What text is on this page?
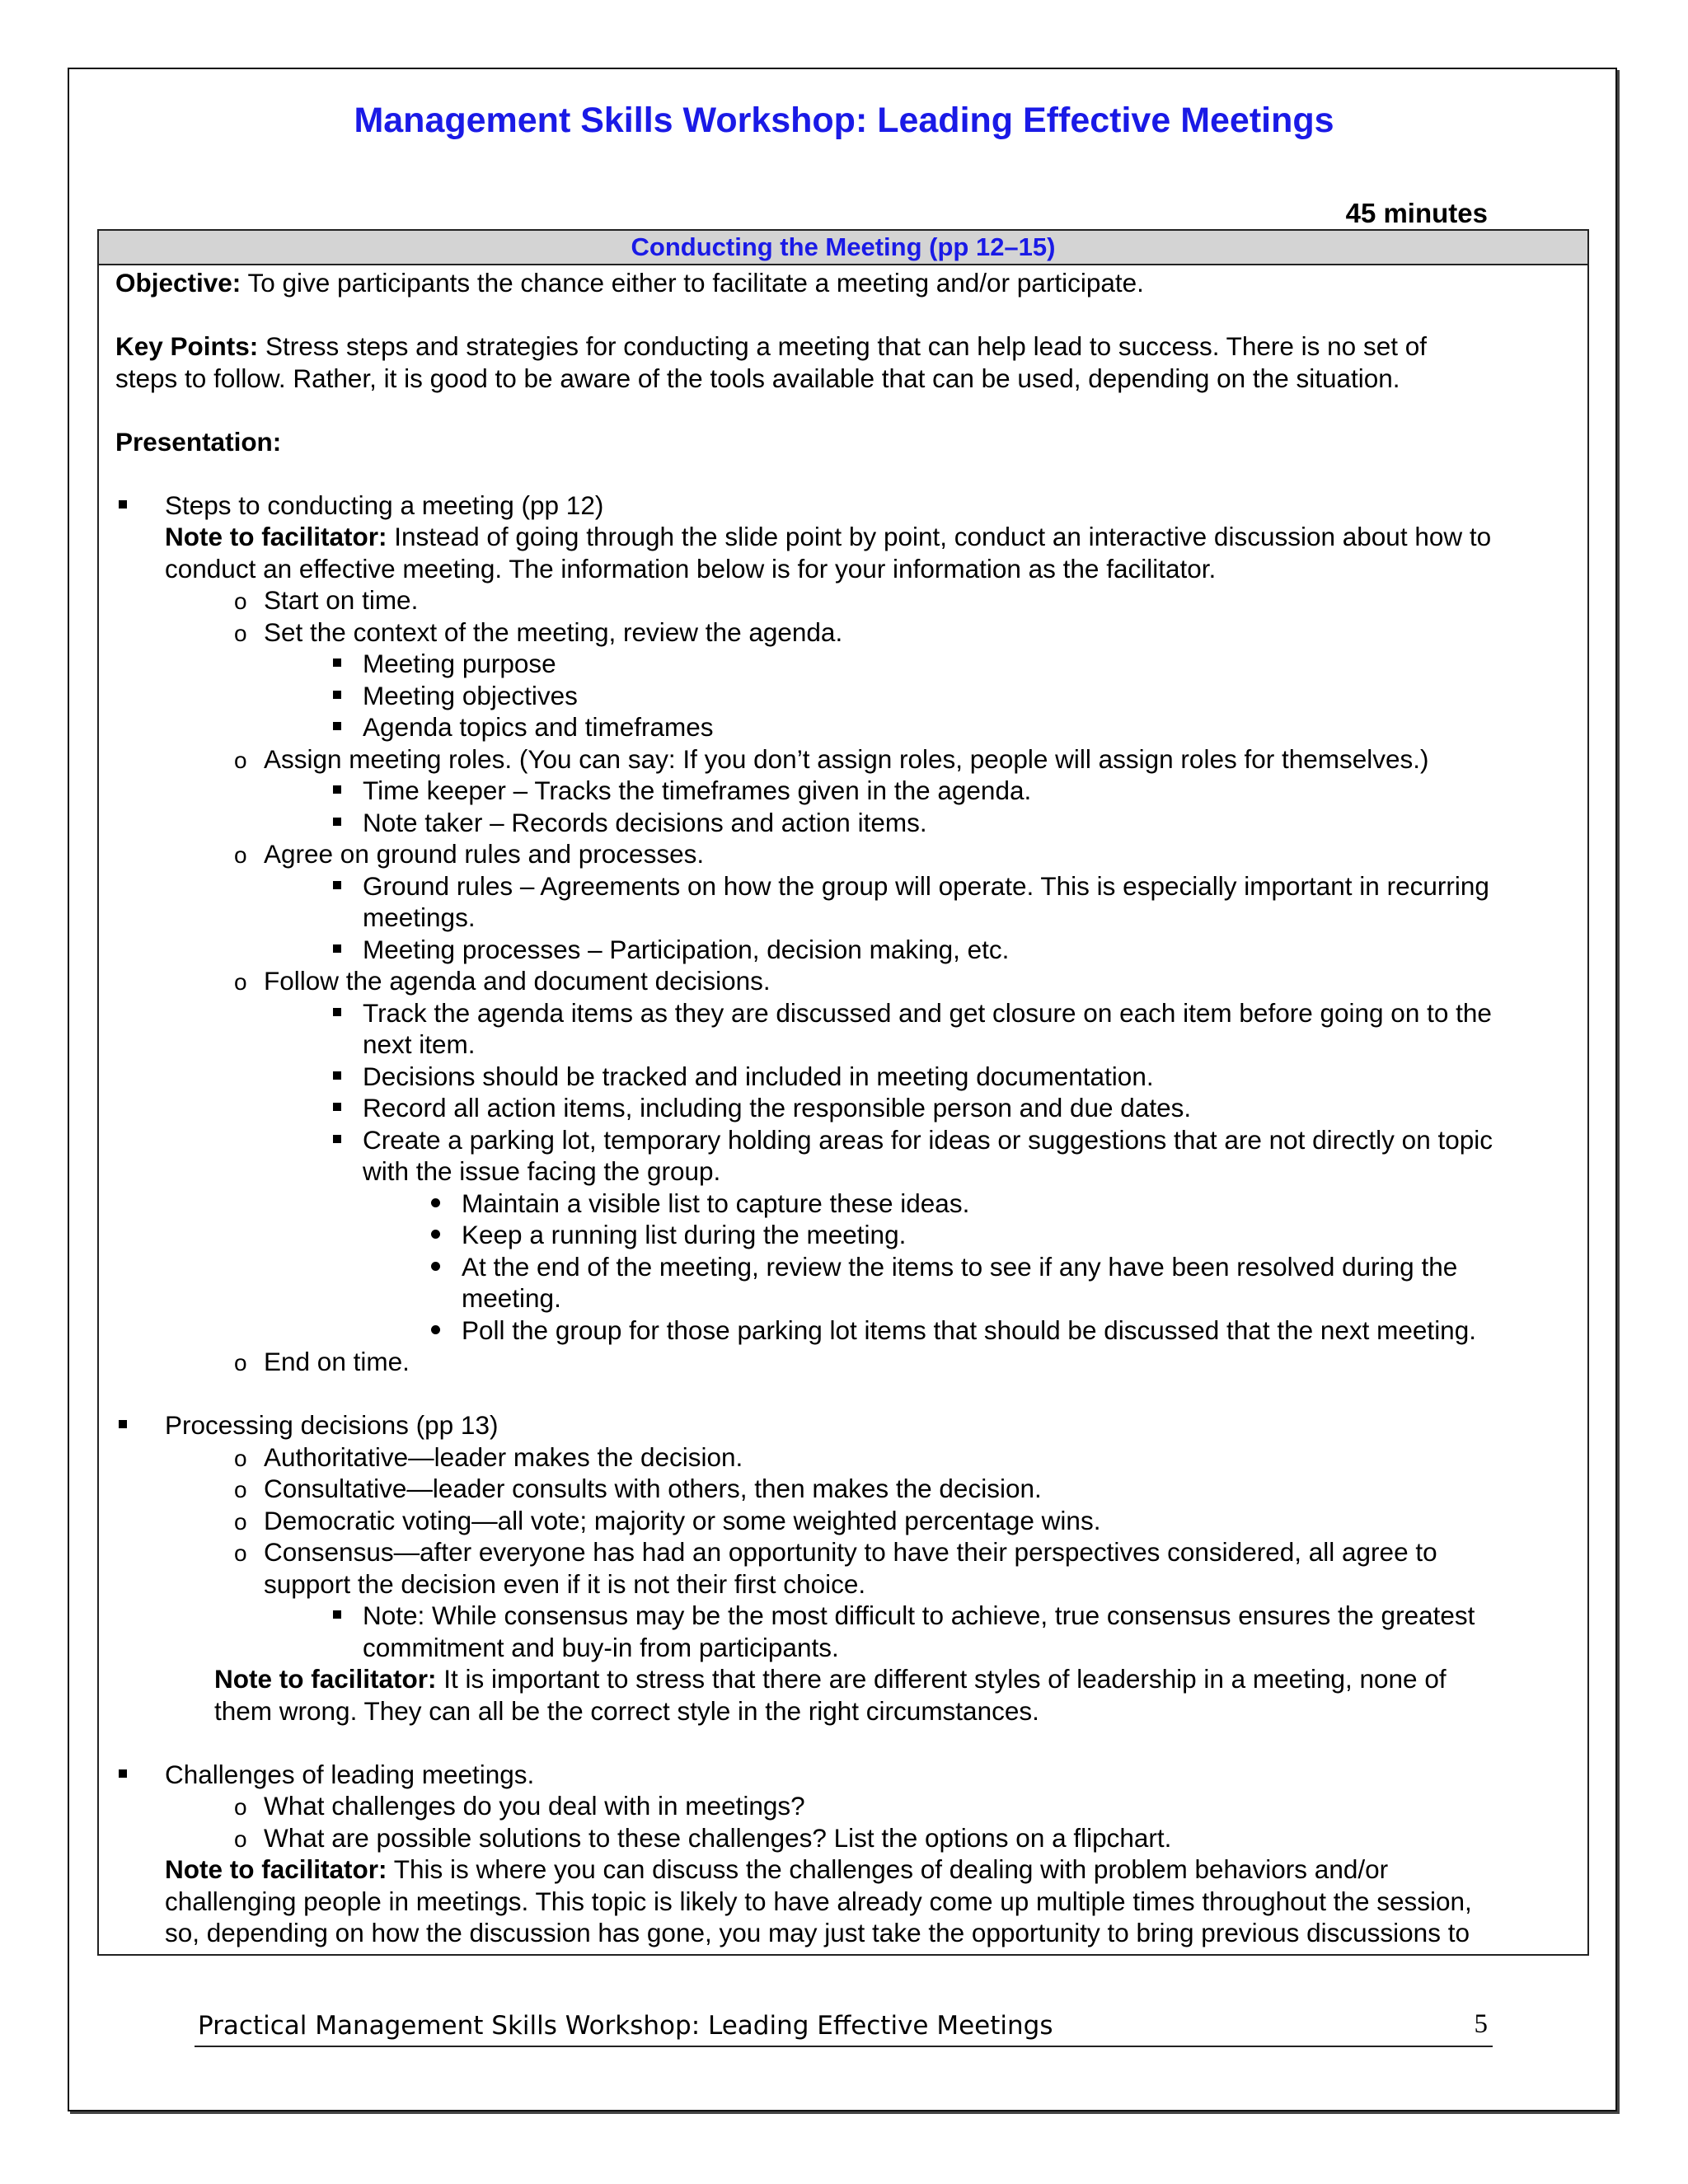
Management Skills Workshop: Leading Effective Meetings
45 minutes
Conducting the Meeting (pp 12–15)
Objective: To give participants the chance either to facilitate a meeting and/or participate.
Key Points: Stress steps and strategies for conducting a meeting that can help lead to success. There is no set of
steps to follow. Rather, it is good to be aware of the tools available that can be used, depending on the situation.
Presentation:
Steps to conducting a meeting (pp 12)
Note to facilitator: Instead of going through the slide point by point, conduct an interactive discussion about how to
conduct an effective meeting. The information below is for your information as the facilitator.
o Start on time.
o Set the context of the meeting, review the agenda.
Meeting purpose
Meeting objectives
Agenda topics and timeframes
o Assign meeting roles. (You can say: If you don’t assign roles, people will assign roles for themselves.)
Time keeper – Tracks the timeframes given in the agenda.
Note taker – Records decisions and action items.
o Agree on ground rules and processes.
Ground rules – Agreements on how the group will operate. This is especially important in recurring
meetings.
Meeting processes – Participation, decision making, etc.
o Follow the agenda and document decisions.
Track the agenda items as they are discussed and get closure on each item before going on to the
next item.
Decisions should be tracked and included in meeting documentation.
Record all action items, including the responsible person and due dates.
Create a parking lot, temporary holding areas for ideas or suggestions that are not directly on topic
with the issue facing the group.
Maintain a visible list to capture these ideas.
Keep a running list during the meeting.
At the end of the meeting, review the items to see if any have been resolved during the
meeting.
Poll the group for those parking lot items that should be discussed that the next meeting.
o End on time.
Processing decisions (pp 13)
o Authoritative—leader makes the decision.
o Consultative—leader consults with others, then makes the decision.
o Democratic voting—all vote; majority or some weighted percentage wins.
o Consensus—after everyone has had an opportunity to have their perspectives considered, all agree to
support the decision even if it is not their first choice.
Note: While consensus may be the most difficult to achieve, true consensus ensures the greatest
commitment and buy-in from participants.
Note to facilitator: It is important to stress that there are different styles of leadership in a meeting, none of
them wrong. They can all be the correct style in the right circumstances.
Challenges of leading meetings.
o What challenges do you deal with in meetings?
o What are possible solutions to these challenges? List the options on a flipchart.
Note to facilitator: This is where you can discuss the challenges of dealing with problem behaviors and/or
challenging people in meetings. This topic is likely to have already come up multiple times throughout the session,
so, depending on how the discussion has gone, you may just take the opportunity to bring previous discussions to
Practical Management Skills Workshop: Leading Effective Meetings	5
